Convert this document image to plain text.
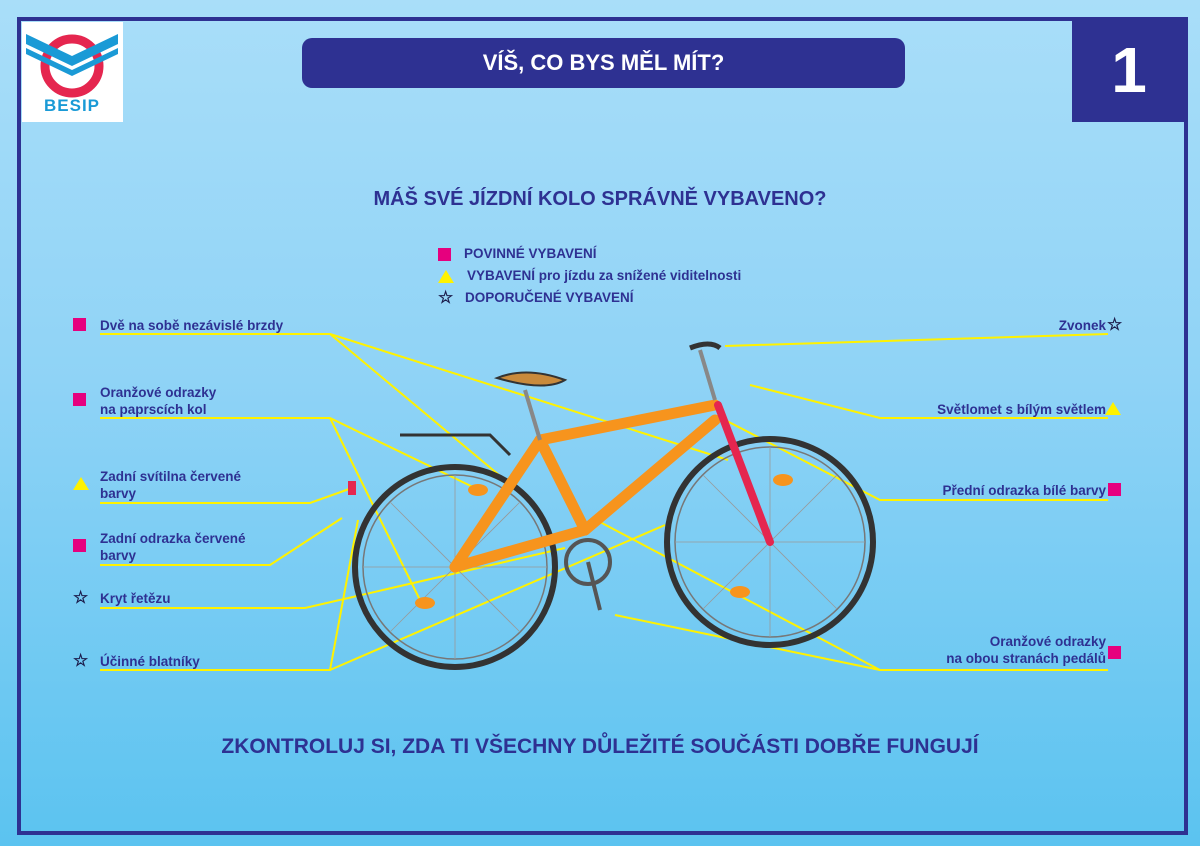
BESIP
VÍŠ, CO BYS MĚL MÍT?	1
MÁŠ SVÉ JÍZDNÍ KOLO SPRÁVNĚ VYBAVENO?
POVINNÉ VYBAVENÍ
VYBAVENÍ pro jízdu za snížené viditelnosti
☆ DOPORUČENÉ VYBAVENÍ
Dvě na sobě nezávislé brzdy
Oranžové odrazky
na paprscích kol
Zadní svítilna červené
barvy
Zadní odrazka červené
barvy
☆ Kryt řetězu
☆ Účinné blatníky
Zvonek ☆
Světlomet s bílým světlem
Přední odrazka bílé barvy
Oranžové odrazky
na obou stranách pedálů
ZKONTROLUJ SI, ZDA TI VŠECHNY DŮLEŽITÉ SOUČÁSTI DOBŘE FUNGUJÍ
